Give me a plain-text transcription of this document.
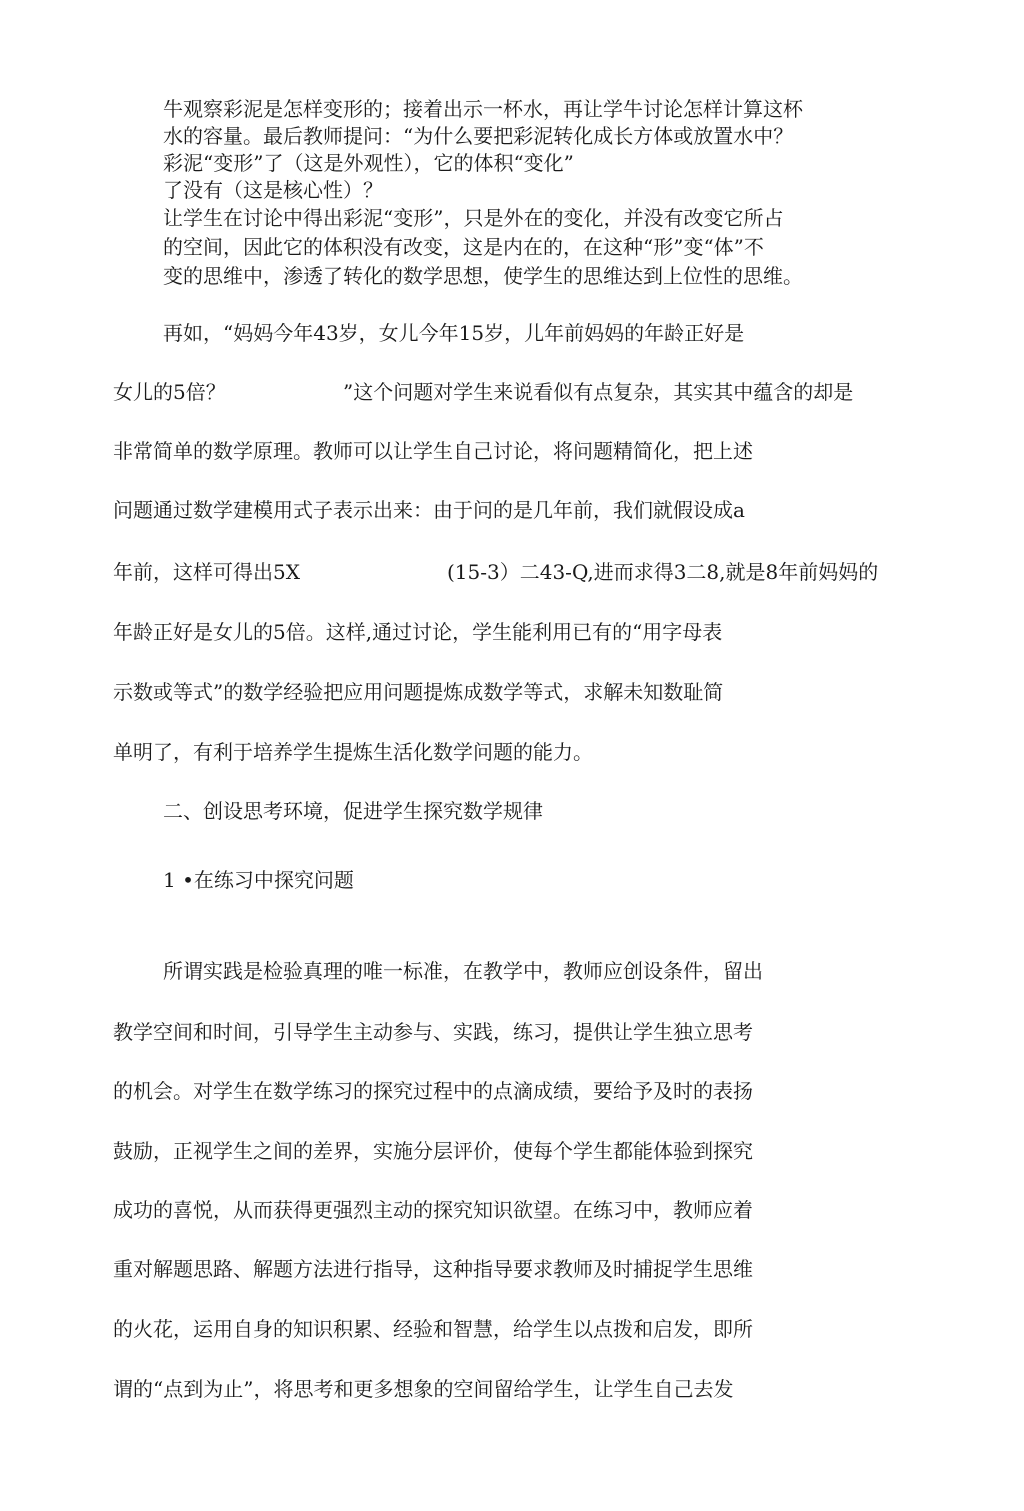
牛观察彩泥是怎样变形的；接着出示一杯水，再让学牛讨论怎样计算这杯

水的容量。最后教师提问：“为什么要把彩泥转化成长方体或放置水中？

彩泥“变形”了（这是外观性），它的体积“变化”

了没有（这是核心性）？

让学生在讨论中得出彩泥“变形”，只是外在的变化，并没有改变它所占

的空间，因此它的体积没有改变，这是内在的，在这种“形”变“体”不

变的思维中，渗透了转化的数学思想，使学生的思维达到上位性的思维。

再如，“妈妈今年43岁，女儿今年15岁，儿年前妈妈的年龄正好是

女儿的5倍？	”这个问题对学生来说看似有点复杂，其实其中蕴含的却是

非常简单的数学原理。教师可以让学生自己讨论，将问题精简化，把上述

问题通过数学建模用式子表示出来：由于问的是几年前，我们就假设成a

年前，这样可得出5X	(15-3）二43-Q,进而求得3二8,就是8年前妈妈的

年龄正好是女儿的5倍。这样,通过讨论，学生能利用已有的“用字母表

示数或等式”的数学经验把应用问题提炼成数学等式，求解未知数耻简

单明了，有利于培养学生提炼生活化数学问题的能力。

二、创设思考环境，促进学生探究数学规律

1 •在练习中探究问题

所谓实践是检验真理的唯一标准，在教学中，教师应创设条件，留出

教学空间和时间，引导学生主动参与、实践，练习，提供让学生独立思考

的机会。对学生在数学练习的探究过程中的点滴成绩，要给予及时的表扬

鼓励，正视学生之间的差界，实施分层评价，使每个学生都能体验到探究

成功的喜悦，从而获得更强烈主动的探究知识欲望。在练习中，教师应着

重对解题思路、解题方法进行指导，这种指导要求教师及时捕捉学生思维

的火花，运用自身的知识积累、经验和智慧，给学生以点拨和启发，即所

谓的“点到为止”，将思考和更多想象的空间留给学生，让学生自己去发
